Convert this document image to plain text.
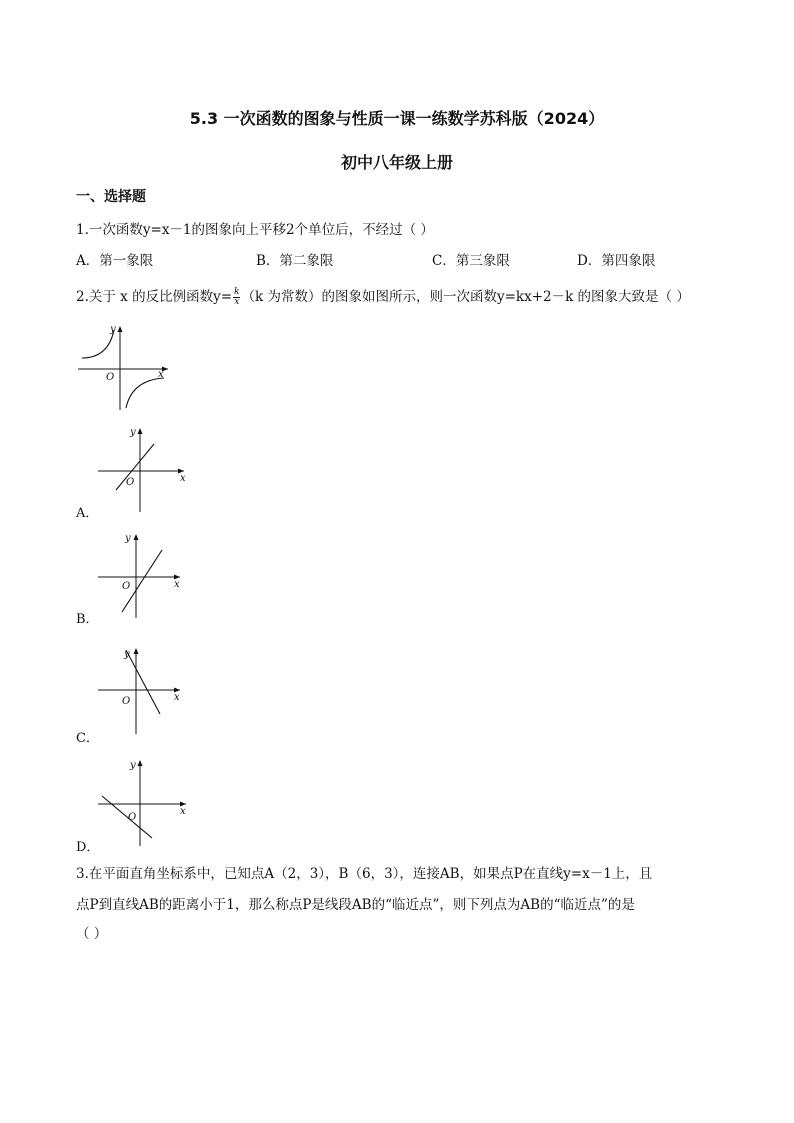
5.3 一次函数的图象与性质一课一练数学苏科版（2024）
初中八年级上册
一、选择题
1.一次函数y=x－1的图象向上平移2个单位后，不经过（ ）
A．第一象限	B．第二象限	C．第三象限	D．第四象限
2.关于 x 的反比例函数$y= \frac{k}{x} (k$ 为常数）的图象如图所示，则一次函数y=kx+2－k 的图象大致是（ ）
O	x
y
O	x
y
A．
O	x
y
B．
O	x
y
C．
O
x
y
D．
3.在平面直角坐标系中，已知点A（2，3），B（6，3），连接AB，如果点P在直线y=x－1上，且
点P到直线AB的距离小于1，那么称点P是线段AB的“临近点”，则下列点为AB的“临近点”的是
（ ）
